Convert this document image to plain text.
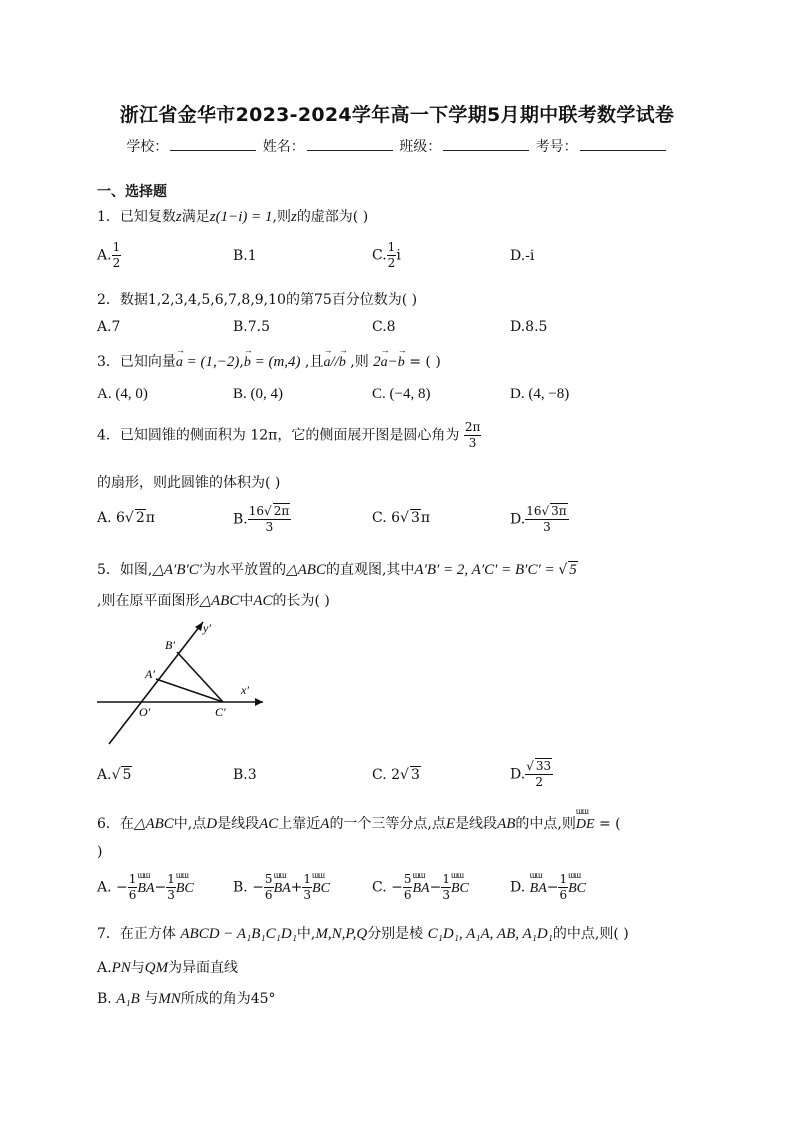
浙江省金华市2023-2024学年高一下学期5月期中联考数学试卷
学校：	姓名：	班级：	考号：
一、选择题
1．已知复数z满足z(1−i) = 1,则z的虚部为( )
A. $\frac{1}{2}$	B.1	C. $\frac{1}{2}$ i	D.-i
2．数据1,2,3,4,5,6,7,8,9,10的第75百分位数为( )
A.7	B.7.5	C.8	D.8.5
3．已知向量→ a = (1,−2),→ b = (m,4) ,且→ a//→ b ,则 2→ a−→ b = ( )
A. (4, 0)	B. (0, 4)	C. (−4, 8)	D. (4, −8)
4．已知圆锥的侧面积为 12π，它的侧面展开图是圆心角为 $\frac{2\pi}{3}$
的扇形，则此圆锥的体积为( )
A. 6√ 2π	B. $\frac{16√ 2\pi}{3}$	C. 6√ 3π	D. $\frac{16√ 3\pi}{3}$
5．如图,△A′B′C′为水平放置的△ABC的直观图,其中A′B′ = 2, A′C′ = B′C′ = √ 5
,则在原平面图形△ABC中AC的长为( )
y′
x′
O′
A′
B′
C′
A.√ 5	B.3	C. 2√ 3	D. $\frac{√ 33}{2}$
6．在△ABC中,点D是线段AC上靠近A的一个三等分点,点E是线段AB的中点,则ɯɯ DE = (
)
A. − $\frac{1}{6}$ ɯɯ $BA- \frac{1}{3}$ ɯɯ BC	B. − $\frac{5}{6}$ ɯɯ $BA+ \frac{1}{3}$ ɯɯ BC	C. − $\frac{5}{6}$ ɯɯ $BA- \frac{1}{3}$ ɯɯ BC	D. ɯɯ $BA- \frac{1}{6}$ ɯɯ BC
7．在正方体 ABCD − A₁B₁C₁D₁中,M,N,P,Q分别是棱 C₁D₁, A₁A, AB, A₁D₁的中点,则( )
A.PN与QM为异面直线
B. A₁B 与MN所成的角为45°
